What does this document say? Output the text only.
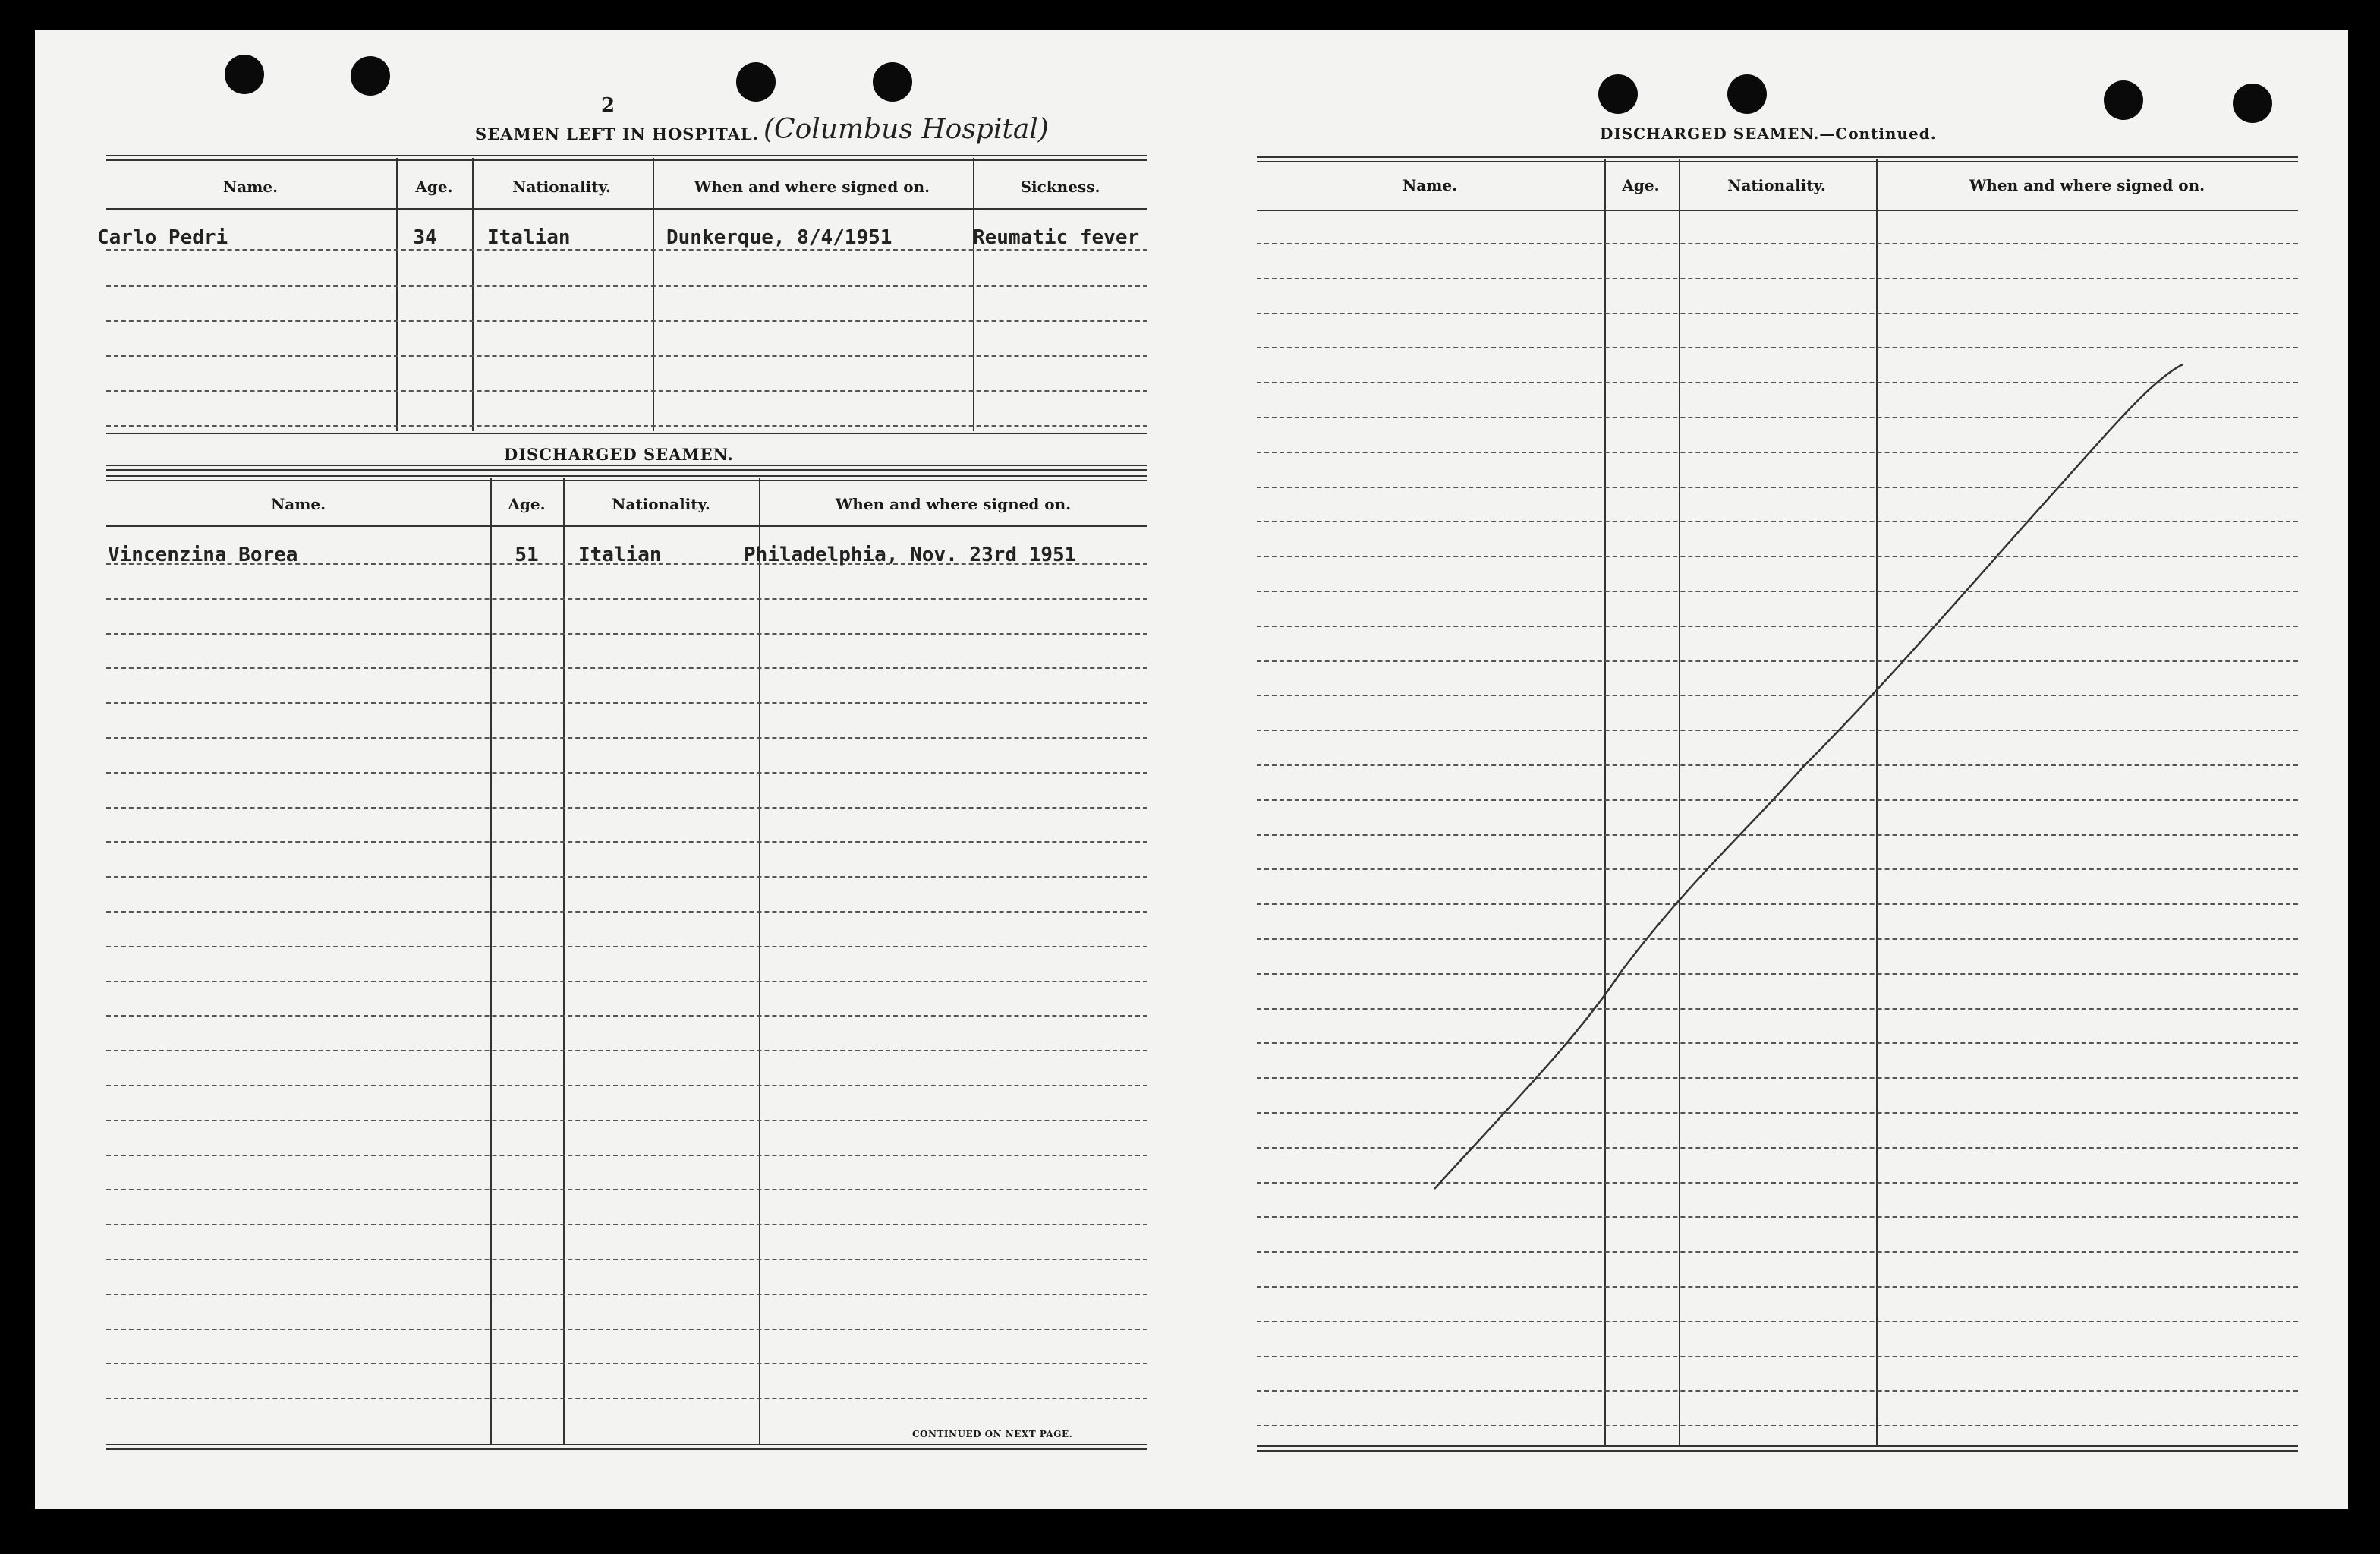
2
SEAMEN LEFT IN HOSPITAL. (Columbus Hospital)
Name.	Age.	Nationality.	When and where signed on.	Sickness.
Carlo Pedri	34	Italian	Dunkerque, 8/4/1951	Reumatic fever
DISCHARGED SEAMEN.
Name.	Age.	Nationality.	When and where signed on.
Vincenzina Borea	51	Italian	Philadelphia, Nov. 23rd 1951
CONTINUED ON NEXT PAGE.
DISCHARGED SEAMEN.—Continued.
Name.	Age.	Nationality.	When and where signed on.
